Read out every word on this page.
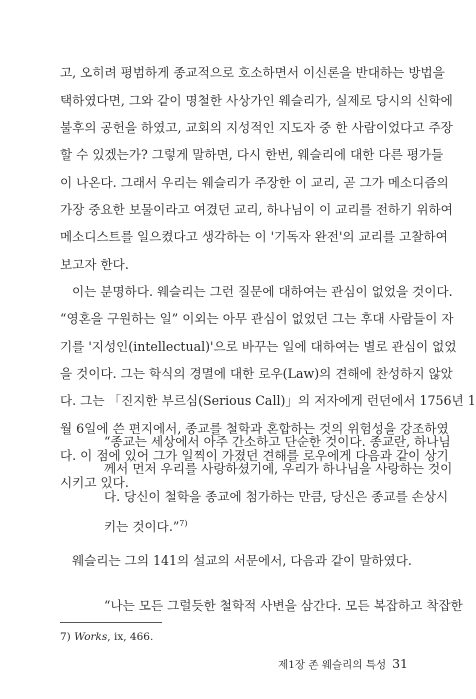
고, 오히려 평범하게 종교적으로 호소하면서 이신론을 반대하는 방법을
택하였다면, 그와 같이 명철한 사상가인 웨슬리가, 실제로 당시의 신학에
불후의 공헌을 하였고, 교회의 지성적인 지도자 중 한 사람이었다고 주장
할 수 있겠는가? 그렇게 말하면, 다시 한번, 웨슬리에 대한 다른 평가들
이 나온다. 그래서 우리는 웨슬리가 주장한 이 교리, 곧 그가 메소디즘의
가장 중요한 보물이라고 여겼던 교리, 하나님이 이 교리를 전하기 위하여
메소디스트를 일으켰다고 생각하는 이 '기독자 완전'의 교리를 고찰하여
보고자 한다.
이는 분명하다. 웨슬리는 그런 질문에 대하여는 관심이 없었을 것이다.
“영혼을 구원하는 일” 이외는 아무 관심이 없었던 그는 후대 사람들이 자
기를 '지성인(intellectual)'으로 바꾸는 일에 대하여는 별로 관심이 없었
을 것이다. 그는 학식의 경멸에 대한 로우(Law)의 견해에 찬성하지 않았
다. 그는 「진지한 부르심(Serious Call)」의 저자에게 런던에서 1756년 1
월 6일에 쓴 편지에서, 종교를 철학과 혼합하는 것의 위험성을 강조하였
다. 이 점에 있어 그가 일찍이 가졌던 견해를 로우에게 다음과 같이 상기
시키고 있다.
“종교는 세상에서 아주 간소하고 단순한 것이다. 종교란, 하나님
께서 먼저 우리를 사랑하셨기에, 우리가 하나님을 사랑하는 것이
다. 당신이 철학을 종교에 첨가하는 만큼, 당신은 종교를 손상시
키는 것이다.”$^{7)}$
웨슬리는 그의 141의 설교의 서문에서, 다음과 같이 말하였다.
“나는 모든 그럴듯한 철학적 사변을 삼간다. 모든 복잡하고 착잡한
7) Works, ix, 466.
제1장 존 웨슬리의 특성 31
